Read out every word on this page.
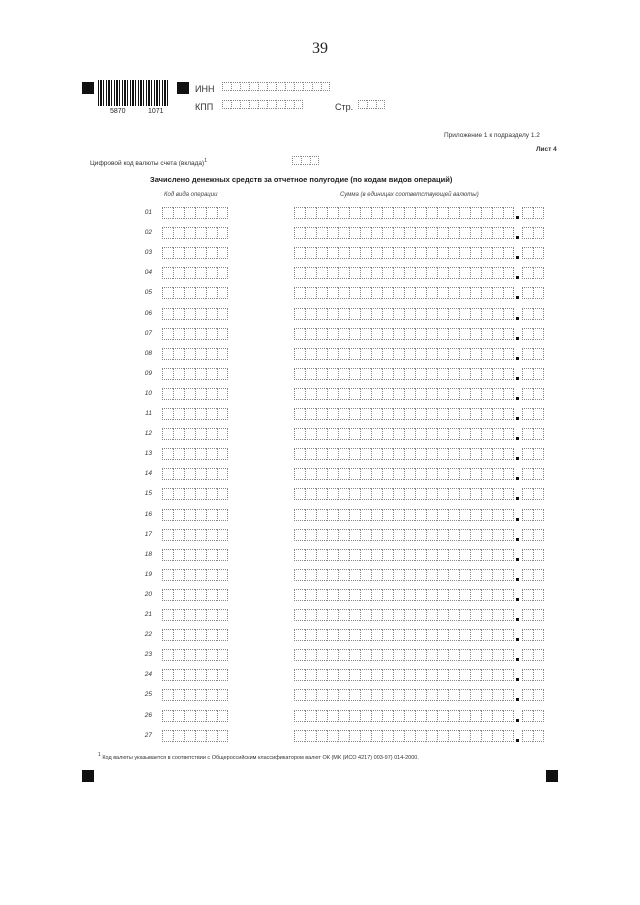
39
5870	1071
ИНН
КПП	Стр.
Приложение 1 к подразделу 1.2
Лист 4
Цифровой код валюты счета (вклада)$^1$
Зачислено денежных средств за отчетное полугодие (по кодам видов операций)
Код вида операции	Сумма (в единицах соответствующей валюты)
01
02
03
04
05
06
07
08
09
10
11
12
13
14
15
16
17
18
19
20
21
22
23
24
25
26
27
1 Код валюты указывается в соответствии с Общероссийским классификатором валют ОК (МК (ИСО 4217) 003-97) 014-2000.
